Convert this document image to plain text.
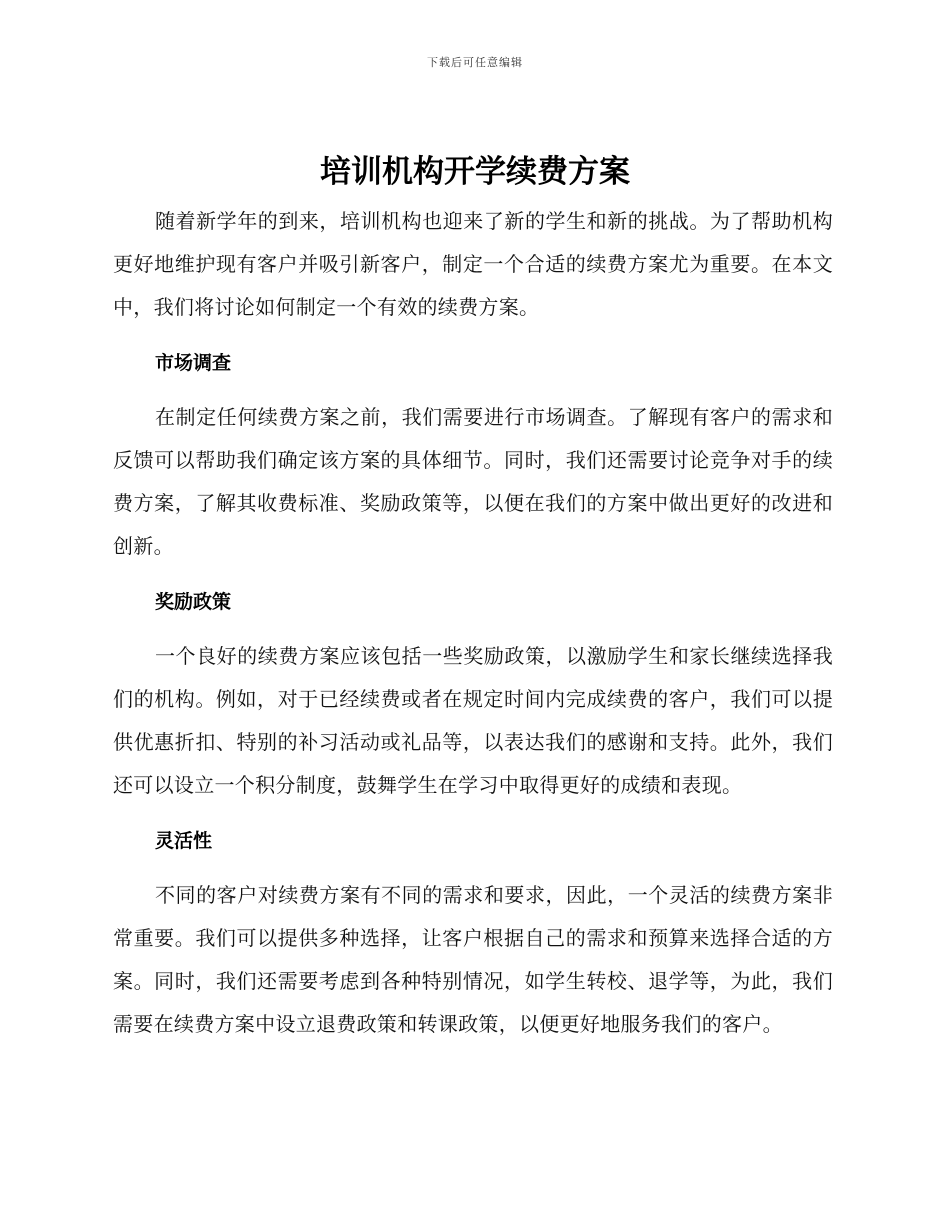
下载后可任意编辑
培训机构开学续费方案

随着新学年的到来，培训机构也迎来了新的学生和新的挑战。为了帮助机构更好地维护现有客户并吸引新客户，制定一个合适的续费方案尤为重要。在本文中，我们将讨论如何制定一个有效的续费方案。

市场调查

在制定任何续费方案之前，我们需要进行市场调查。了解现有客户的需求和反馈可以帮助我们确定该方案的具体细节。同时，我们还需要讨论竞争对手的续费方案，了解其收费标准、奖励政策等，以便在我们的方案中做出更好的改进和创新。

奖励政策

一个良好的续费方案应该包括一些奖励政策，以激励学生和家长继续选择我们的机构。例如，对于已经续费或者在规定时间内完成续费的客户，我们可以提供优惠折扣、特别的补习活动或礼品等，以表达我们的感谢和支持。此外，我们还可以设立一个积分制度，鼓舞学生在学习中取得更好的成绩和表现。

灵活性

不同的客户对续费方案有不同的需求和要求，因此，一个灵活的续费方案非常重要。我们可以提供多种选择，让客户根据自己的需求和预算来选择合适的方案。同时，我们还需要考虑到各种特别情况，如学生转校、退学等，为此，我们需要在续费方案中设立退费政策和转课政策，以便更好地服务我们的客户。
